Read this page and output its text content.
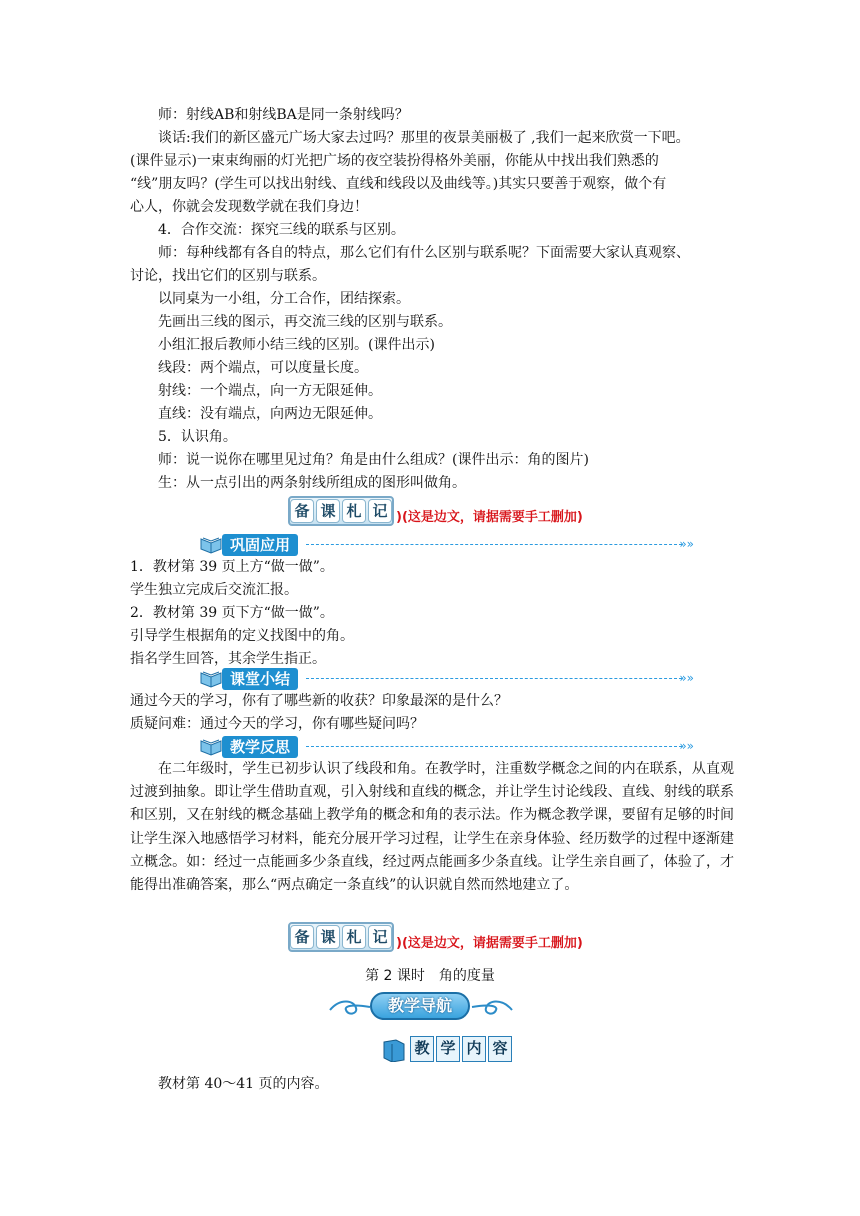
师：射线AB和射线BA是同一条射线吗？
谈话:我们的新区盛元广场大家去过吗？那里的夜景美丽极了 ,我们一起来欣赏一下吧。
(课件显示)一束束绚丽的灯光把广场的夜空装扮得格外美丽，你能从中找出我们熟悉的
“线”朋友吗？(学生可以找出射线、直线和线段以及曲线等。)其实只要善于观察，做个有
心人，你就会发现数学就在我们身边！
4．合作交流：探究三线的联系与区别。
师：每种线都有各自的特点，那么它们有什么区别与联系呢？下面需要大家认真观察、
讨论，找出它们的区别与联系。
以同桌为一小组，分工合作，团结探索。
先画出三线的图示，再交流三线的区别与联系。
小组汇报后教师小结三线的区别。(课件出示)
线段：两个端点，可以度量长度。
射线：一个端点，向一方无限延伸。
直线：没有端点，向两边无限延伸。
5．认识角。
师：说一说你在哪里见过角？角是由什么组成？(课件出示：角的图片)
生：从一点引出的两条射线所组成的图形叫做角。
备 课 札 记 )(这是边文，请据需要手工删加)
巩固应用	»»
1．教材第 39 页上方“做一做”。
学生独立完成后交流汇报。
2．教材第 39 页下方“做一做”。
引导学生根据角的定义找图中的角。
指名学生回答，其余学生指正。
课堂小结	»»
通过今天的学习，你有了哪些新的收获？印象最深的是什么？
质疑问难：通过今天的学习，你有哪些疑问吗？
教学反思	»»

在二年级时，学生已初步认识了线段和角。在教学时，注重数学概念之间的内在联系，从直观过渡到抽象。即让学生借助直观，引入射线和直线的概念，并让学生讨论线段、直线、射线的联系和区别，又在射线的概念基础上教学角的概念和角的表示法。作为概念教学课，要留有足够的时间让学生深入地感悟学习材料，能充分展开学习过程，让学生在亲身体验、经历数学的过程中逐渐建立概念。如：经过一点能画多少条直线，经过两点能画多少条直线。让学生亲自画了，体验了，才能得出准确答案，那么“两点确定一条直线”的认识就自然而然地建立了。

备 课 札 记 )(这是边文，请据需要手工删加)
第 2 课时　角的度量
教学导航
教 学 内 容
教材第 40～41 页的内容。
